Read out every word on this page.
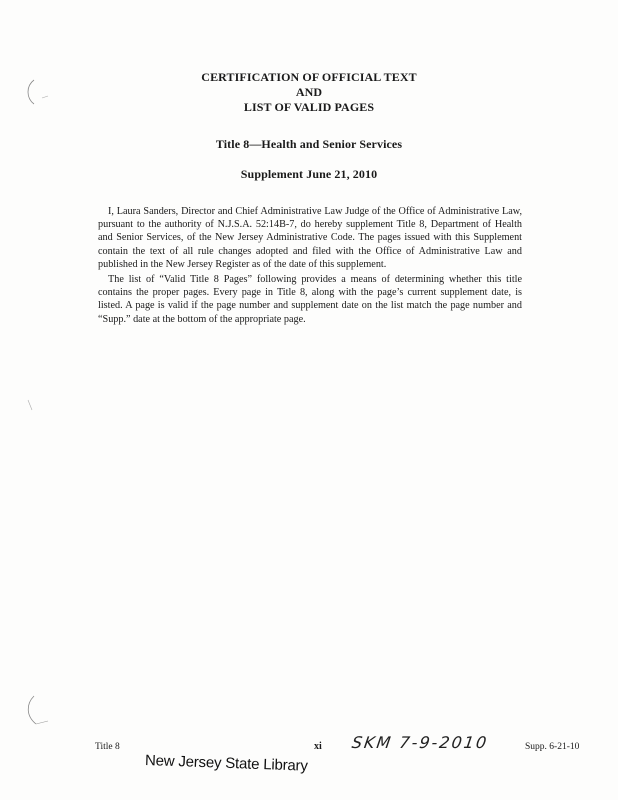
CERTIFICATION OF OFFICIAL TEXT
AND
LIST OF VALID PAGES
Title 8—Health and Senior Services
Supplement June 21, 2010

I, Laura Sanders, Director and Chief Administrative Law Judge of the Office of Administrative Law, pursuant to the authority of N.J.S.A. 52:14B-7, do hereby supplement Title 8, Department of Health and Senior Services, of the New Jersey Administrative Code. The pages issued with this Supplement contain the text of all rule changes adopted and filed with the Office of Administrative Law and published in the New Jersey Register as of the date of this supplement.

The list of “Valid Title 8 Pages” following provides a means of determining whether this title contains the proper pages. Every page in Title 8, along with the page’s current supplement date, is listed. A page is valid if the page number and supplement date on the list match the page number and “Supp.” date at the bottom of the appropriate page.

Title 8	xi	Supp. 6-21-10
SKM 7-9-2010
New Jersey State Library
